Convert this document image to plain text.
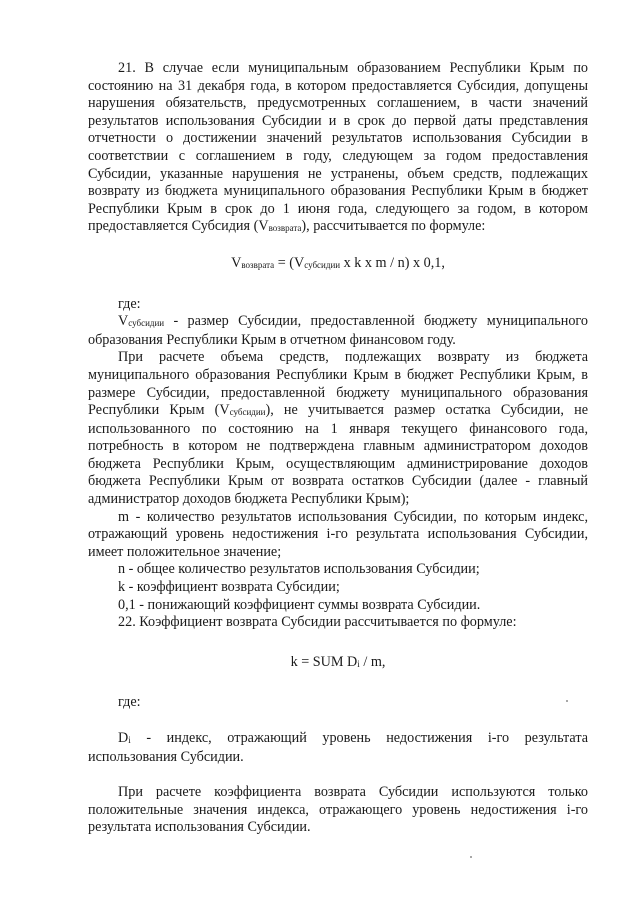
21. В случае если муниципальным образованием Республики Крым по состоянию на 31 декабря года, в котором предоставляется Субсидия, допущены нарушения обязательств, предусмотренных соглашением, в части значений результатов использования Субсидии и в срок до первой даты представления отчетности о достижении значений результатов использования Субсидии в соответствии с соглашением в году, следующем за годом предоставления Субсидии, указанные нарушения не устранены, объем средств, подлежащих возврату из бюджета муниципального образования Республики Крым в бюджет Республики Крым в срок до 1 июня года, следующего за годом, в котором предоставляется Субсидия $(V_{возврата})$, рассчитывается по формуле:

$V_{возврата} = (V_{субсидии}$ x k x m / n) x 0,1,

где:

$V_{субсидии}$ - размер Субсидии, предоставленной бюджету муниципального образования Республики Крым в отчетном финансовом году.

При расчете объема средств, подлежащих возврату из бюджета муниципального образования Республики Крым в бюджет Республики Крым, в размере Субсидии, предоставленной бюджету муниципального образования Республики Крым $(V_{субсидии})$, не учитывается размер остатка Субсидии, не использованного по состоянию на 1 января текущего финансового года, потребность в котором не подтверждена главным администратором доходов бюджета Республики Крым, осуществляющим администрирование доходов бюджета Республики Крым от возврата остатков Субсидии (далее - главный администратор доходов бюджета Республики Крым);

m - количество результатов использования Субсидии, по которым индекс, отражающий уровень недостижения i-го результата использования Субсидии, имеет положительное значение;

n - общее количество результатов использования Субсидии;

k - коэффициент возврата Субсидии;

0,1 - понижающий коэффициент суммы возврата Субсидии.

22. Коэффициент возврата Субсидии рассчитывается по формуле:

k = SUM $D_i$ / m,

где:

$D_i$ - индекс, отражающий уровень недостижения i-го результата использования Субсидии.

При расчете коэффициента возврата Субсидии используются только положительные значения индекса, отражающего уровень недостижения i-го результата использования Субсидии.
